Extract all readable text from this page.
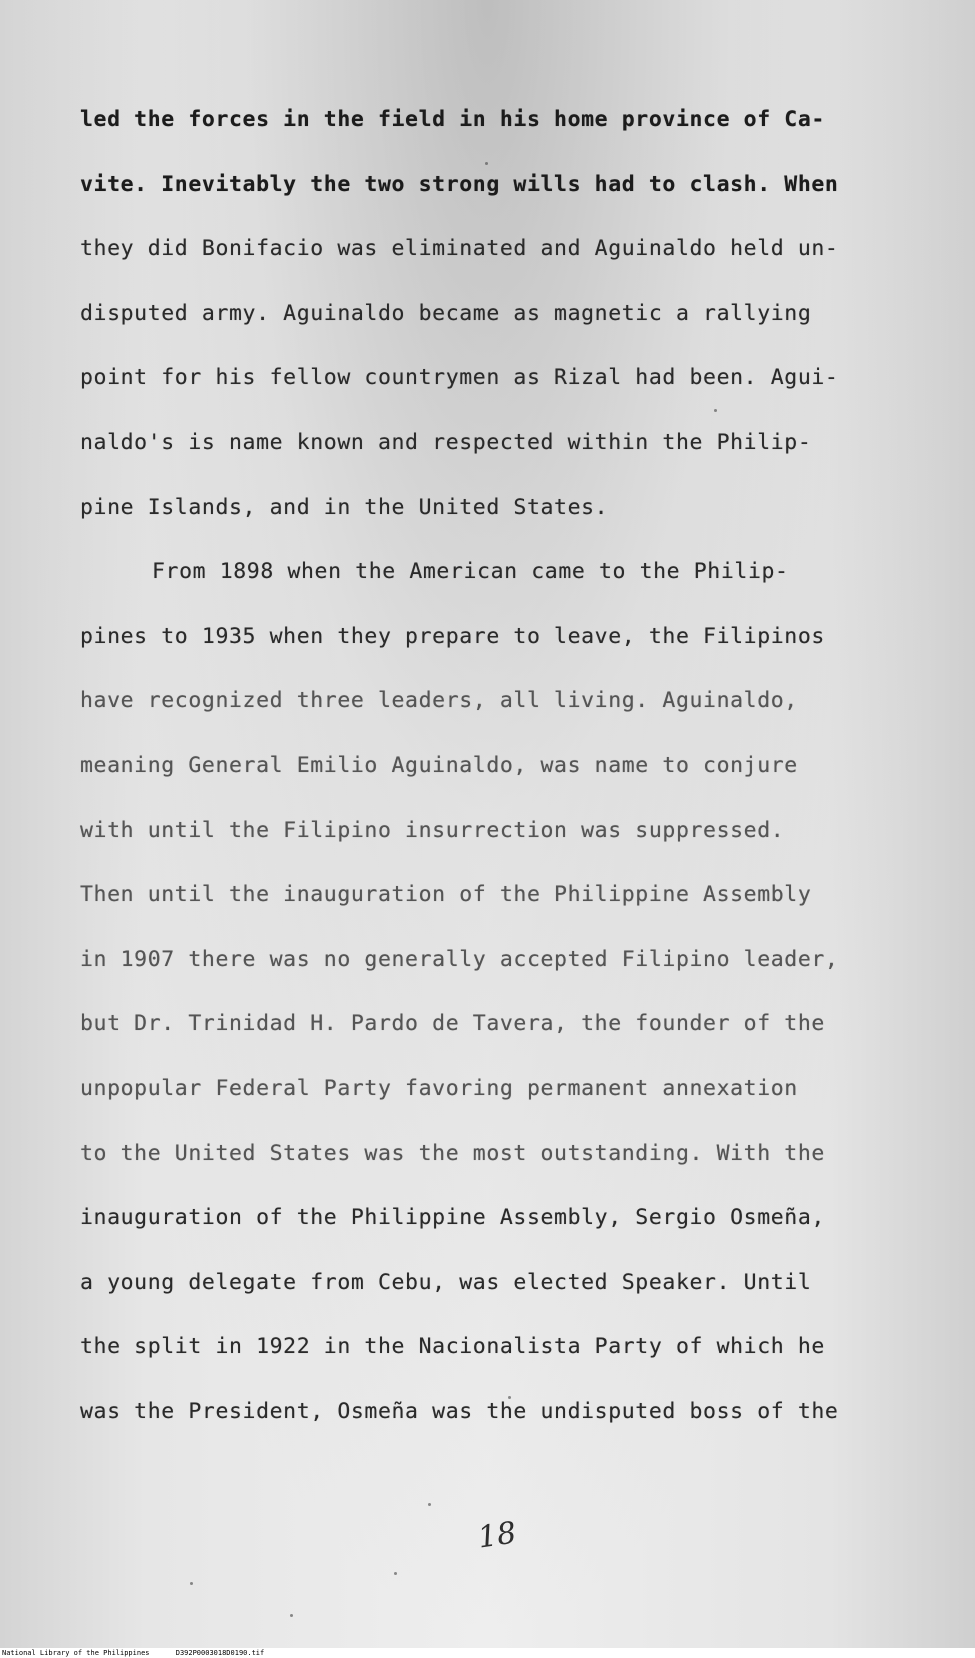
led the forces in the field in his home province of Ca-
vite. Inevitably the two strong wills had to clash. When
they did Bonifacio was eliminated and Aguinaldo held un-
disputed army. Aguinaldo became as magnetic a rallying
point for his fellow countrymen as Rizal had been. Agui-
naldo's is name known and respected within the Philip-
pine Islands, and in the United States.
From 1898 when the American came to the Philip-
pines to 1935 when they prepare to leave, the Filipinos
have recognized three leaders, all living. Aguinaldo,
meaning General Emilio Aguinaldo, was name to conjure
with until the Filipino insurrection was suppressed.
Then until the inauguration of the Philippine Assembly
in 1907 there was no generally accepted Filipino leader,
but Dr. Trinidad H. Pardo de Tavera, the founder of the
unpopular Federal Party favoring permanent annexation
to the United States was the most outstanding. With the
inauguration of the Philippine Assembly, Sergio Osmeña,
a young delegate from Cebu, was elected Speaker. Until
the split in 1922 in the Nacionalista Party of which he
was the President, Osmeña was the undisputed boss of the
18
National Library of the Philippines	D392P0003018D0190.tif
